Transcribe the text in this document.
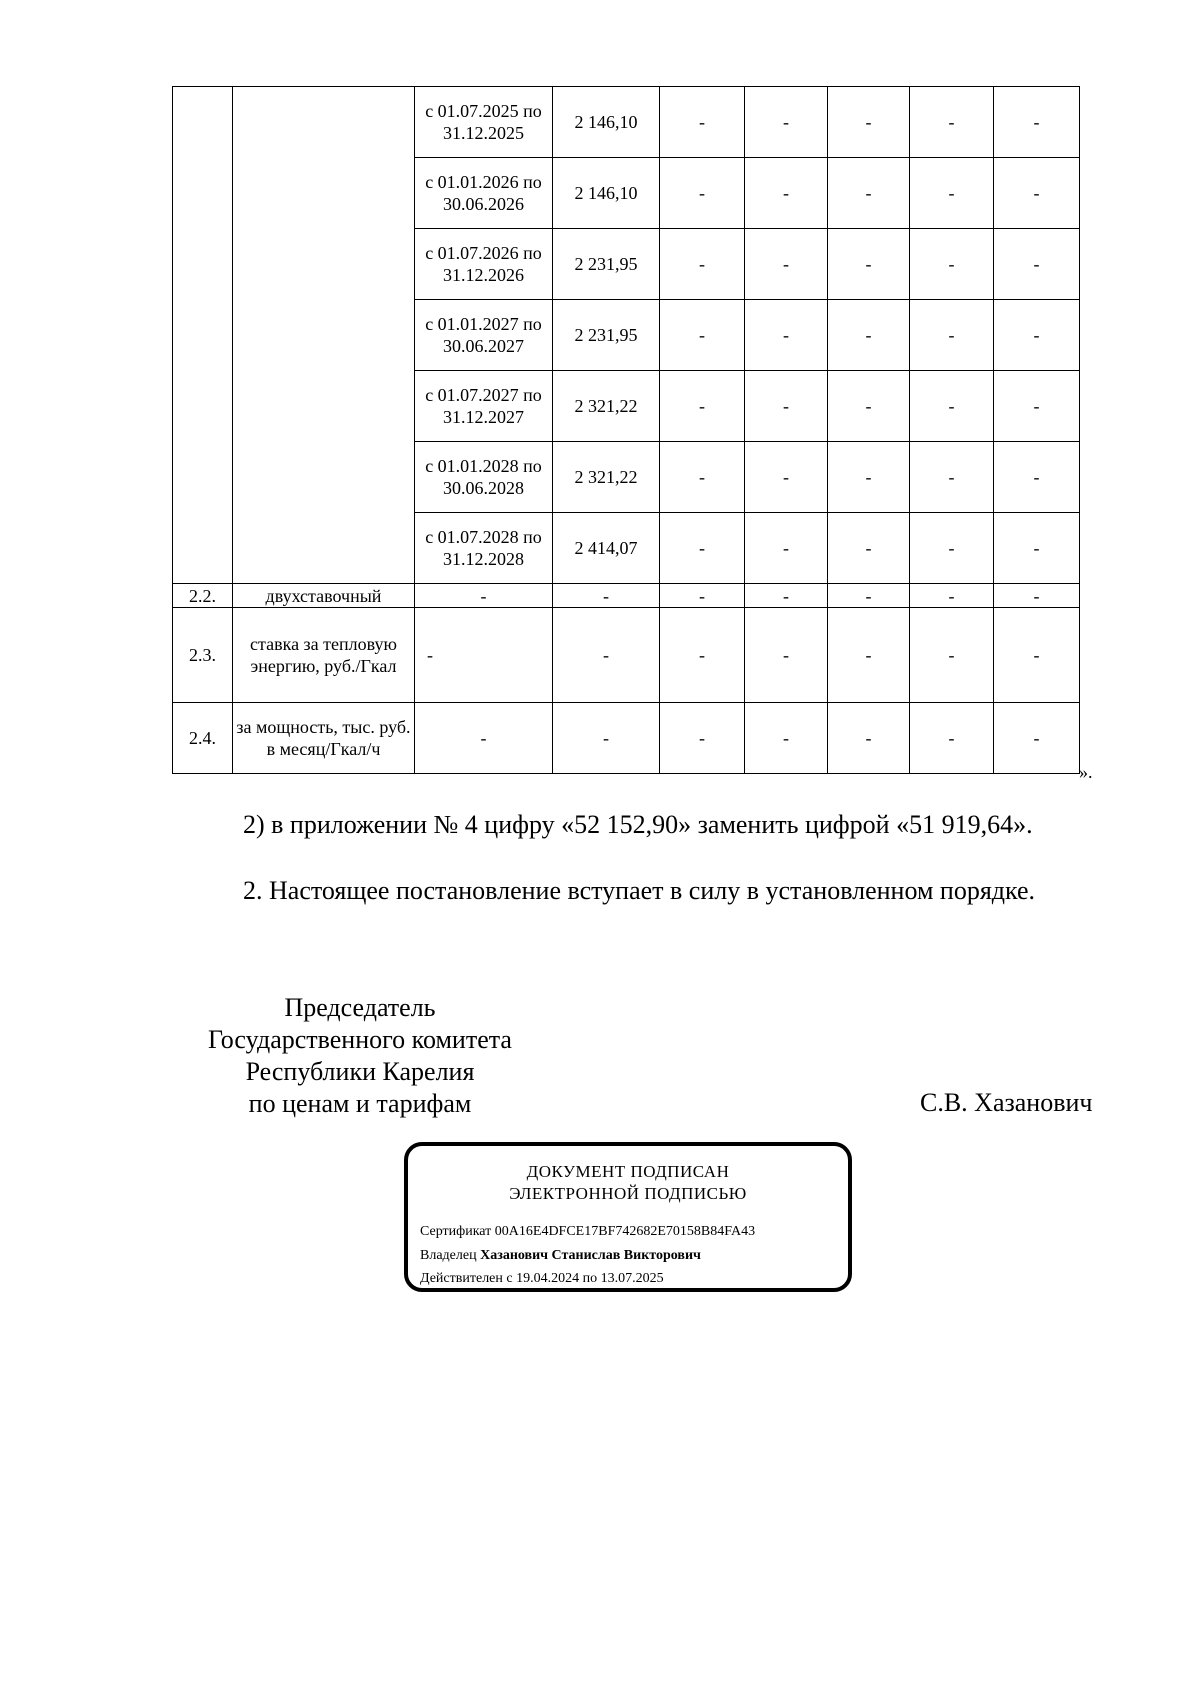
		с 01.07.2025 по 31.12.2025	2 146,10	-	-	-	-	-
		с 01.01.2026 по 30.06.2026	2 146,10	-	-	-	-	-
		с 01.07.2026 по 31.12.2026	2 231,95	-	-	-	-	-
		с 01.01.2027 по 30.06.2027	2 231,95	-	-	-	-	-
		с 01.07.2027 по 31.12.2027	2 321,22	-	-	-	-	-
		с 01.01.2028 по 30.06.2028	2 321,22	-	-	-	-	-
		с 01.07.2028 по 31.12.2028	2 414,07	-	-	-	-	-
2.2.	двухставочный	-	-	-	-	-	-	-
2.3.	ставка за тепловую энергию, руб./Гкал	-	-	-	-	-	-	-
2.4.	за мощность, тыс. руб. в месяц/Гкал/ч	-	-	-	-	-	-	-
».
2) в приложении № 4 цифру «52 152,90» заменить цифрой «51 919,64».
2. Настоящее постановление вступает в силу в установленном порядке.
Председатель
Государственного комитета
Республики Карелия
по ценам и тарифам	С.В. Хазанович
ДОКУМЕНТ ПОДПИСАН
ЭЛЕКТРОННОЙ ПОДПИСЬЮ
Сертификат 00A16E4DFCE17BF742682E70158B84FA43
Владелец Хазанович Станислав Викторович
Действителен с 19.04.2024 по 13.07.2025
